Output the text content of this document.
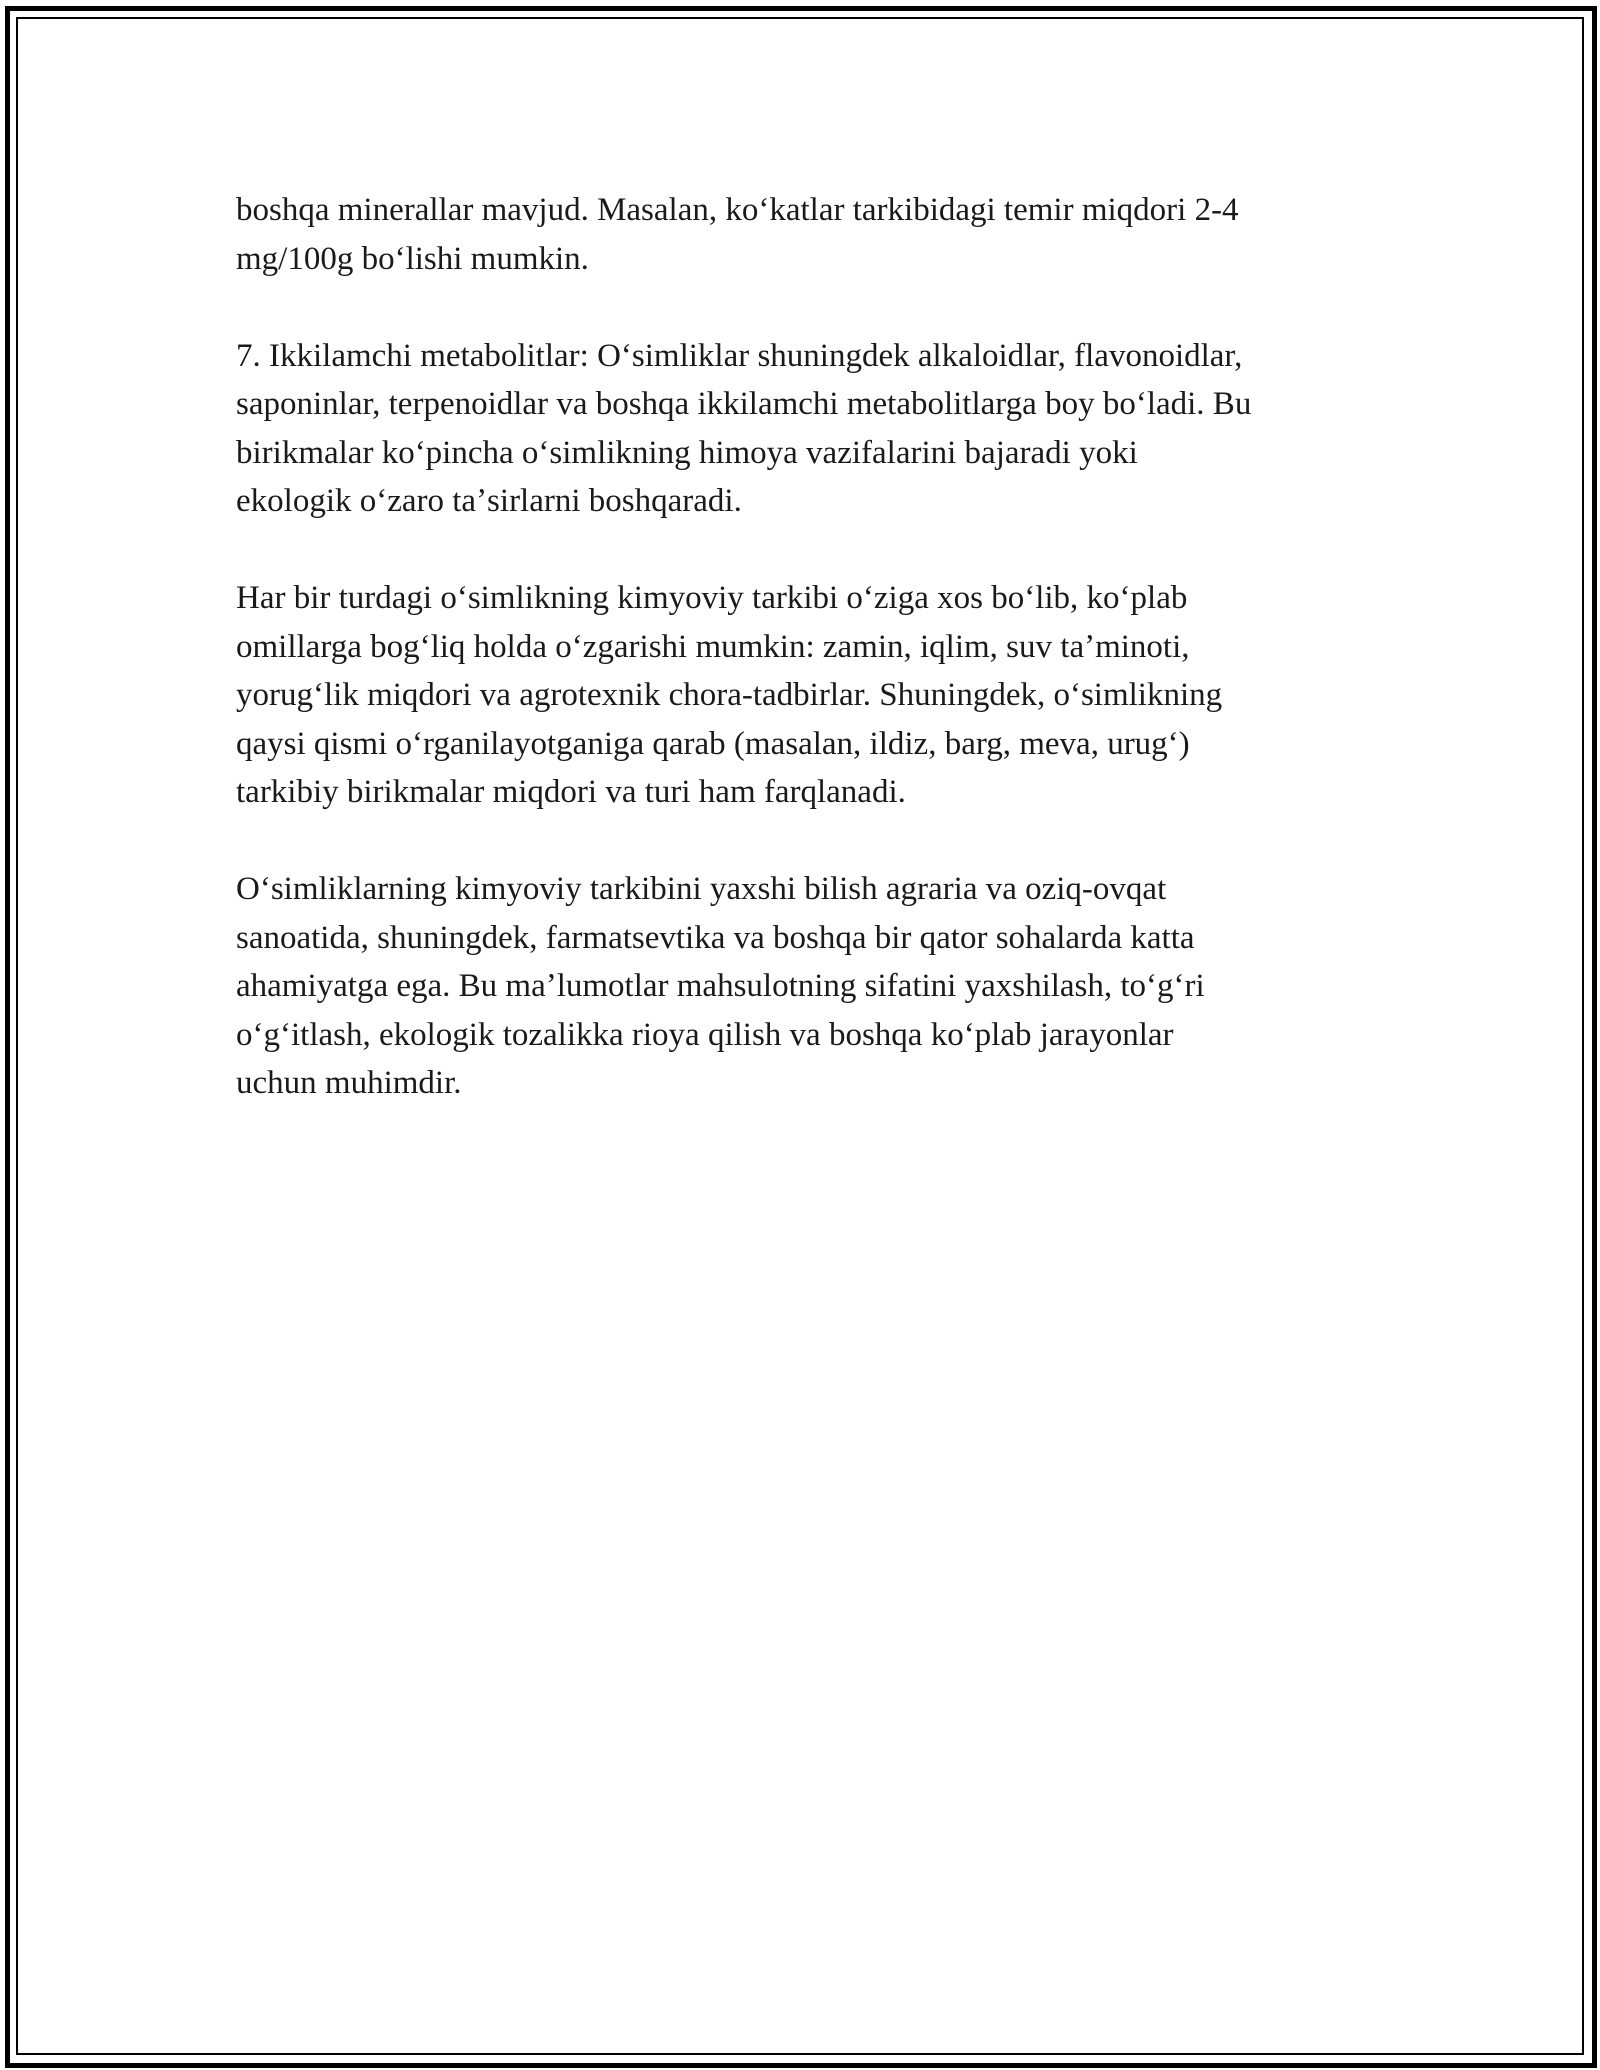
boshqa minerallar mavjud. Masalan, koʻkatlar tarkibidagi temir miqdori 2-4
mg/100g boʻlishi mumkin.

7. Ikkilamchi metabolitlar: Oʻsimliklar shuningdek alkaloidlar, flavonoidlar,
saponinlar, terpenoidlar va boshqa ikkilamchi metabolitlarga boy boʻladi. Bu
birikmalar koʻpincha oʻsimlikning himoya vazifalarini bajaradi yoki
ekologik oʻzaro taʼsirlarni boshqaradi.

Har bir turdagi oʻsimlikning kimyoviy tarkibi oʻziga xos boʻlib, koʻplab
omillarga bogʻliq holda oʻzgarishi mumkin: zamin, iqlim, suv taʼminoti,
yorugʻlik miqdori va agrotexnik chora-tadbirlar. Shuningdek, oʻsimlikning
qaysi qismi oʻrganilayotganiga qarab (masalan, ildiz, barg, meva, urugʻ)
tarkibiy birikmalar miqdori va turi ham farqlanadi.

Oʻsimliklarning kimyoviy tarkibini yaxshi bilish agraria va oziq-ovqat
sanoatida, shuningdek, farmatsevtika va boshqa bir qator sohalarda katta
ahamiyatga ega. Bu maʼlumotlar mahsulotning sifatini yaxshilash, toʻgʻri
oʻgʻitlash, ekologik tozalikka rioya qilish va boshqa koʻplab jarayonlar
uchun muhimdir.
